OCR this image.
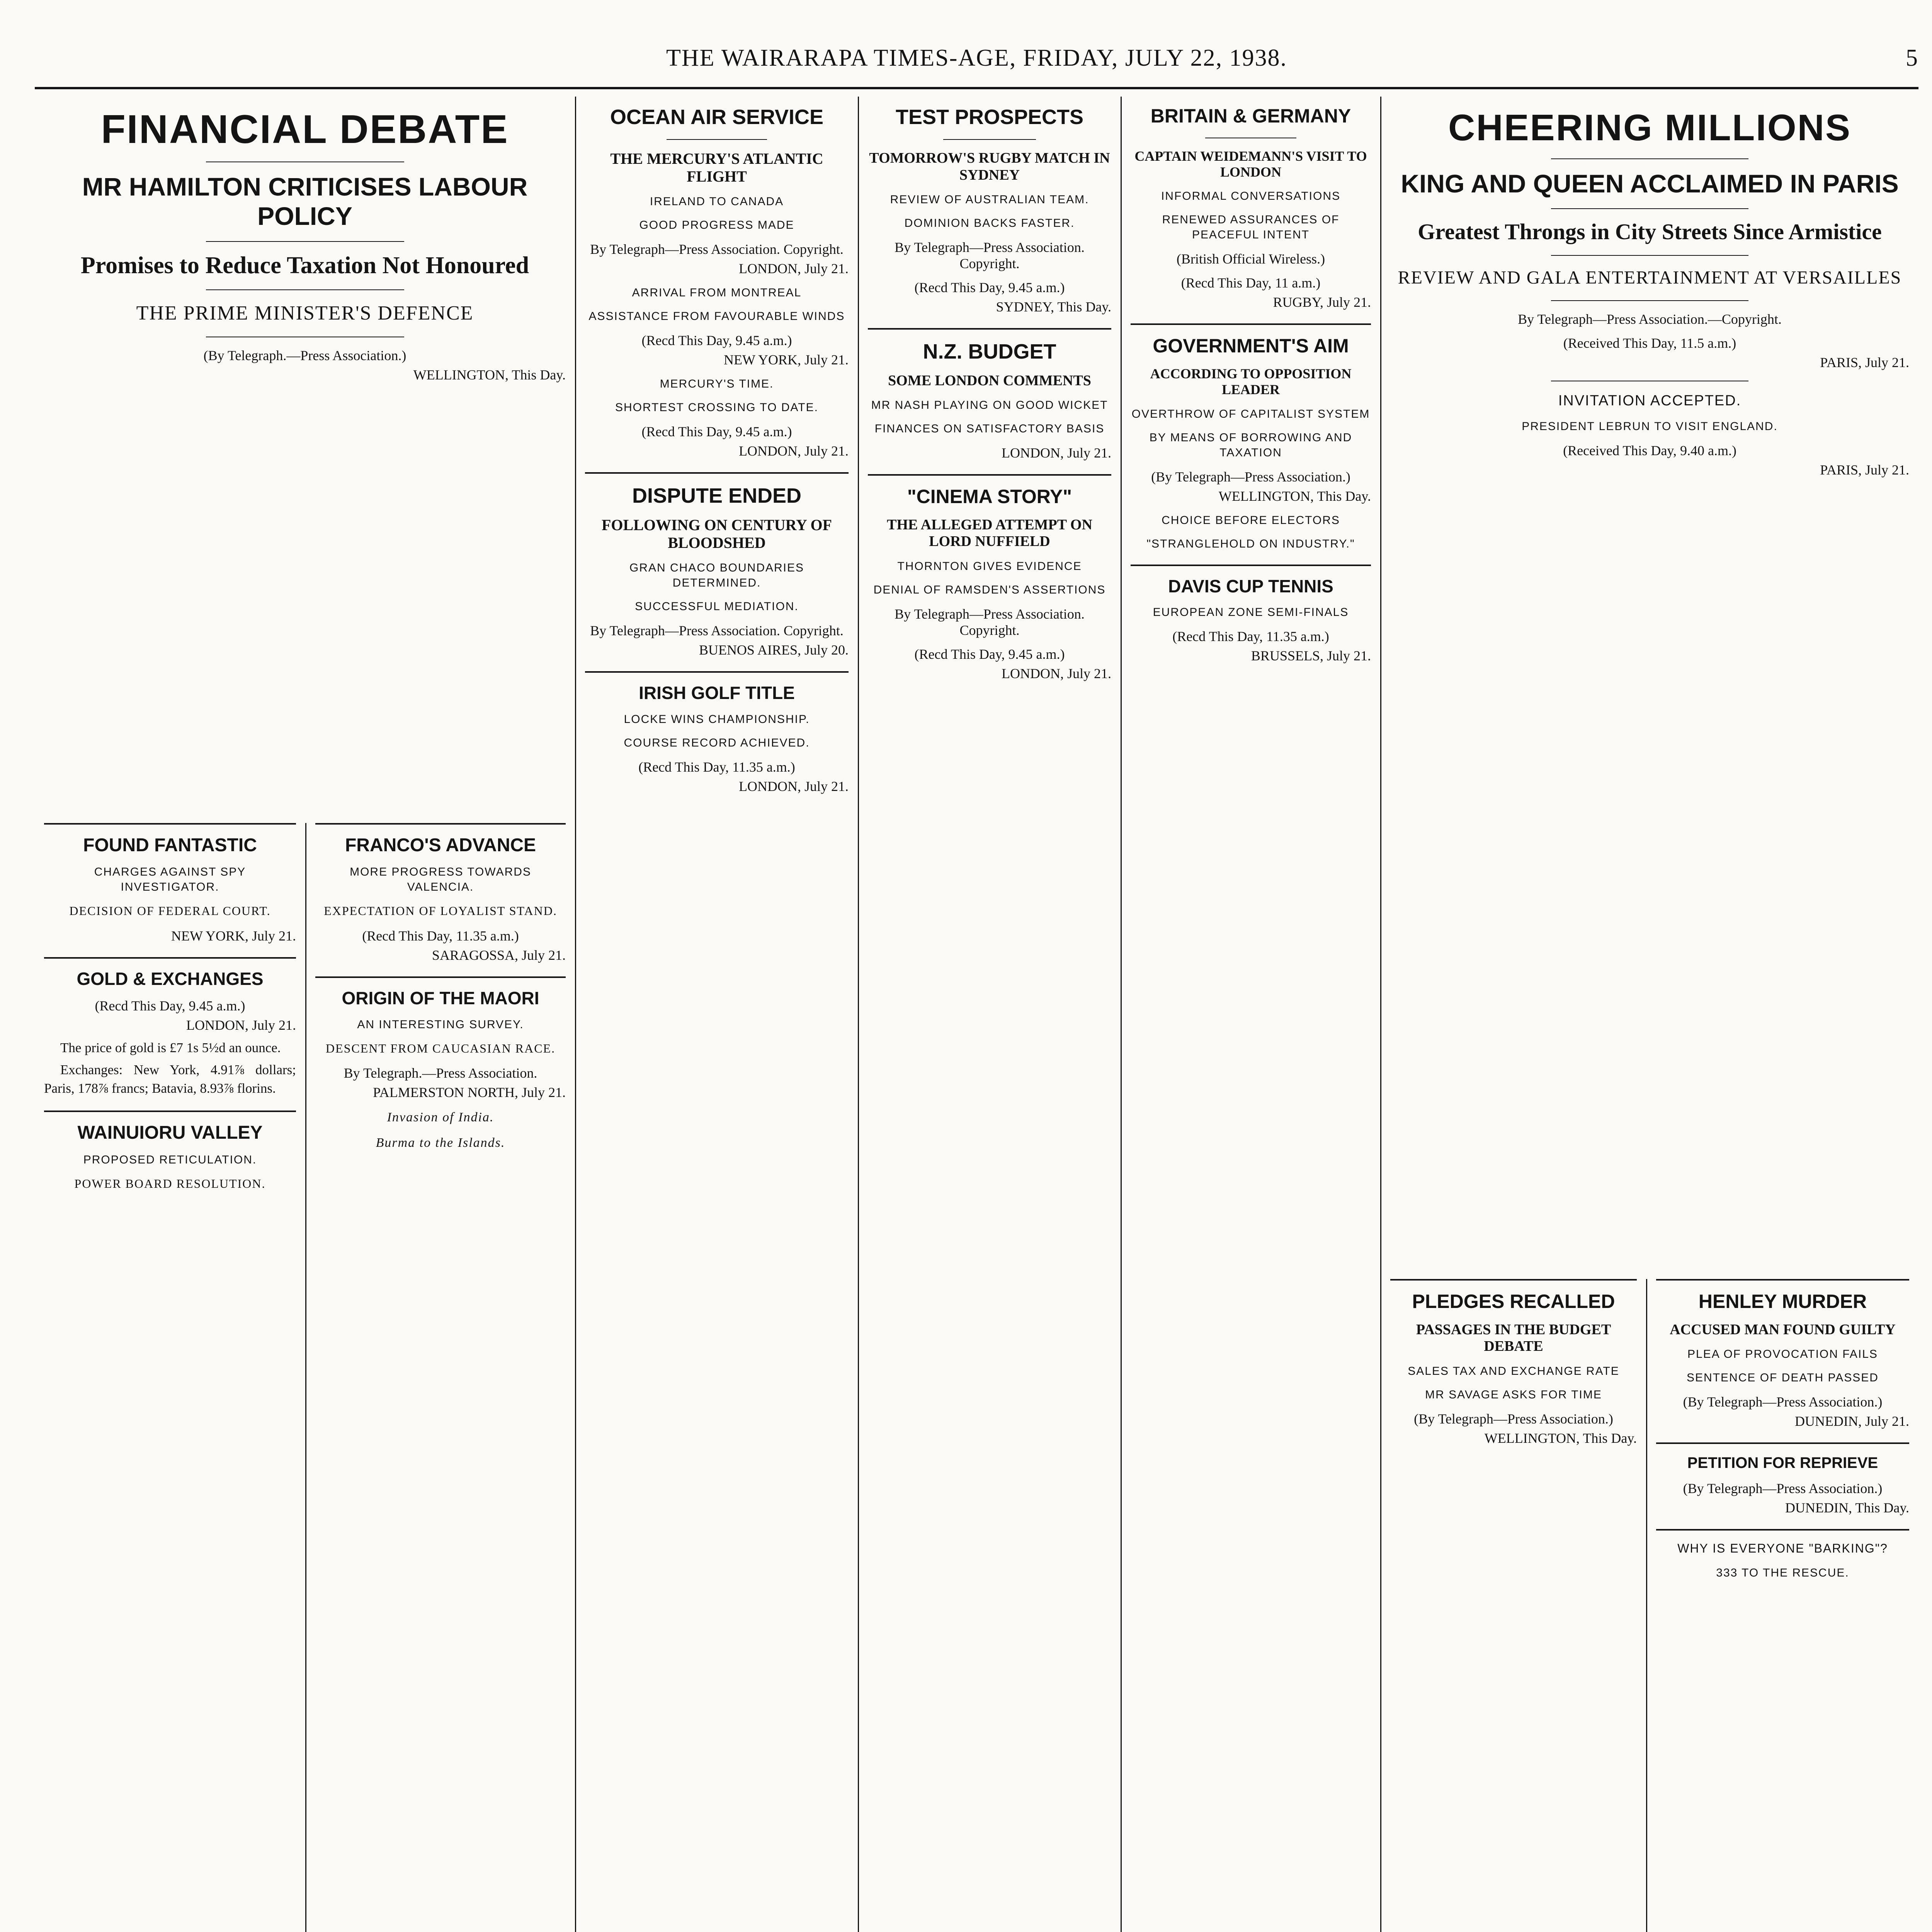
THE WAIRARAPA TIMES-AGE, FRIDAY, JULY 22, 1938.	5
FINANCIAL DEBATE
MR HAMILTON CRITICISES LABOUR POLICY
Promises to Reduce Taxation Not Honoured
THE PRIME MINISTER'S DEFENCE
(By Telegraph.—Press Association.)
WELLINGTON, This Day.
FOUND FANTASTIC
CHARGES AGAINST SPY INVESTIGATOR.
DECISION OF FEDERAL COURT.
NEW YORK, July 21.
GOLD & EXCHANGES
(Recd This Day, 9.45 a.m.)
LONDON, July 21.

The price of gold is £7 1s 5½d an ounce.

Exchanges: New York, 4.91⅞ dollars; Paris, 178⅞ francs; Batavia, 8.93⅞ florins.

WAINUIORU VALLEY
PROPOSED RETICULATION.
POWER BOARD RESOLUTION.
FRANCO'S ADVANCE
MORE PROGRESS TOWARDS VALENCIA.
EXPECTATION OF LOYALIST STAND.
(Recd This Day, 11.35 a.m.)
SARAGOSSA, July 21.
ORIGIN OF THE MAORI
AN INTERESTING SURVEY.
DESCENT FROM CAUCASIAN RACE.
By Telegraph.—Press Association.
PALMERSTON NORTH, July 21.
Invasion of India.
Burma to the Islands.
OCEAN AIR SERVICE
THE MERCURY'S ATLANTIC FLIGHT
IRELAND TO CANADA
GOOD PROGRESS MADE
By Telegraph—Press Association. Copyright.
LONDON, July 21.
ARRIVAL FROM MONTREAL
ASSISTANCE FROM FAVOURABLE WINDS
(Recd This Day, 9.45 a.m.)
NEW YORK, July 21.
MERCURY'S TIME.
SHORTEST CROSSING TO DATE.
(Recd This Day, 9.45 a.m.)
LONDON, July 21.
DISPUTE ENDED
FOLLOWING ON CENTURY OF BLOODSHED
GRAN CHACO BOUNDARIES DETERMINED.
SUCCESSFUL MEDIATION.
By Telegraph—Press Association. Copyright.
BUENOS AIRES, July 20.
IRISH GOLF TITLE
LOCKE WINS CHAMPIONSHIP.
COURSE RECORD ACHIEVED.
(Recd This Day, 11.35 a.m.)
LONDON, July 21.
TEST PROSPECTS
TOMORROW'S RUGBY MATCH IN SYDNEY
REVIEW OF AUSTRALIAN TEAM.
DOMINION BACKS FASTER.
By Telegraph—Press Association. Copyright.
(Recd This Day, 9.45 a.m.)
SYDNEY, This Day.
N.Z. BUDGET
SOME LONDON COMMENTS
MR NASH PLAYING ON GOOD WICKET
FINANCES ON SATISFACTORY BASIS
LONDON, July 21.
"CINEMA STORY"
THE ALLEGED ATTEMPT ON LORD NUFFIELD
THORNTON GIVES EVIDENCE
DENIAL OF RAMSDEN'S ASSERTIONS
By Telegraph—Press Association. Copyright.
(Recd This Day, 9.45 a.m.)
LONDON, July 21.
BRITAIN & GERMANY
CAPTAIN WEIDEMANN'S VISIT TO LONDON
INFORMAL CONVERSATIONS
RENEWED ASSURANCES OF PEACEFUL INTENT
(British Official Wireless.)
(Recd This Day, 11 a.m.)
RUGBY, July 21.
GOVERNMENT'S AIM
ACCORDING TO OPPOSITION LEADER
OVERTHROW OF CAPITALIST SYSTEM
BY MEANS OF BORROWING AND TAXATION
(By Telegraph—Press Association.)
WELLINGTON, This Day.
CHOICE BEFORE ELECTORS
"STRANGLEHOLD ON INDUSTRY."
DAVIS CUP TENNIS
EUROPEAN ZONE SEMI-FINALS
(Recd This Day, 11.35 a.m.)
BRUSSELS, July 21.
CHEERING MILLIONS
KING AND QUEEN ACCLAIMED IN PARIS
Greatest Throngs in City Streets Since Armistice
REVIEW AND GALA ENTERTAINMENT AT VERSAILLES
By Telegraph—Press Association.—Copyright.
(Received This Day, 11.5 a.m.)
PARIS, July 21.
INVITATION ACCEPTED.
PRESIDENT LEBRUN TO VISIT ENGLAND.
(Received This Day, 9.40 a.m.)
PARIS, July 21.
PLEDGES RECALLED
PASSAGES IN THE BUDGET DEBATE
SALES TAX AND EXCHANGE RATE
MR SAVAGE ASKS FOR TIME
(By Telegraph—Press Association.)
WELLINGTON, This Day.
HENLEY MURDER
ACCUSED MAN FOUND GUILTY
PLEA OF PROVOCATION FAILS
SENTENCE OF DEATH PASSED
(By Telegraph—Press Association.)
DUNEDIN, July 21.
PETITION FOR REPRIEVE
(By Telegraph—Press Association.)
DUNEDIN, This Day.
WHY IS EVERYONE "BARKING"?
333 TO THE RESCUE.
